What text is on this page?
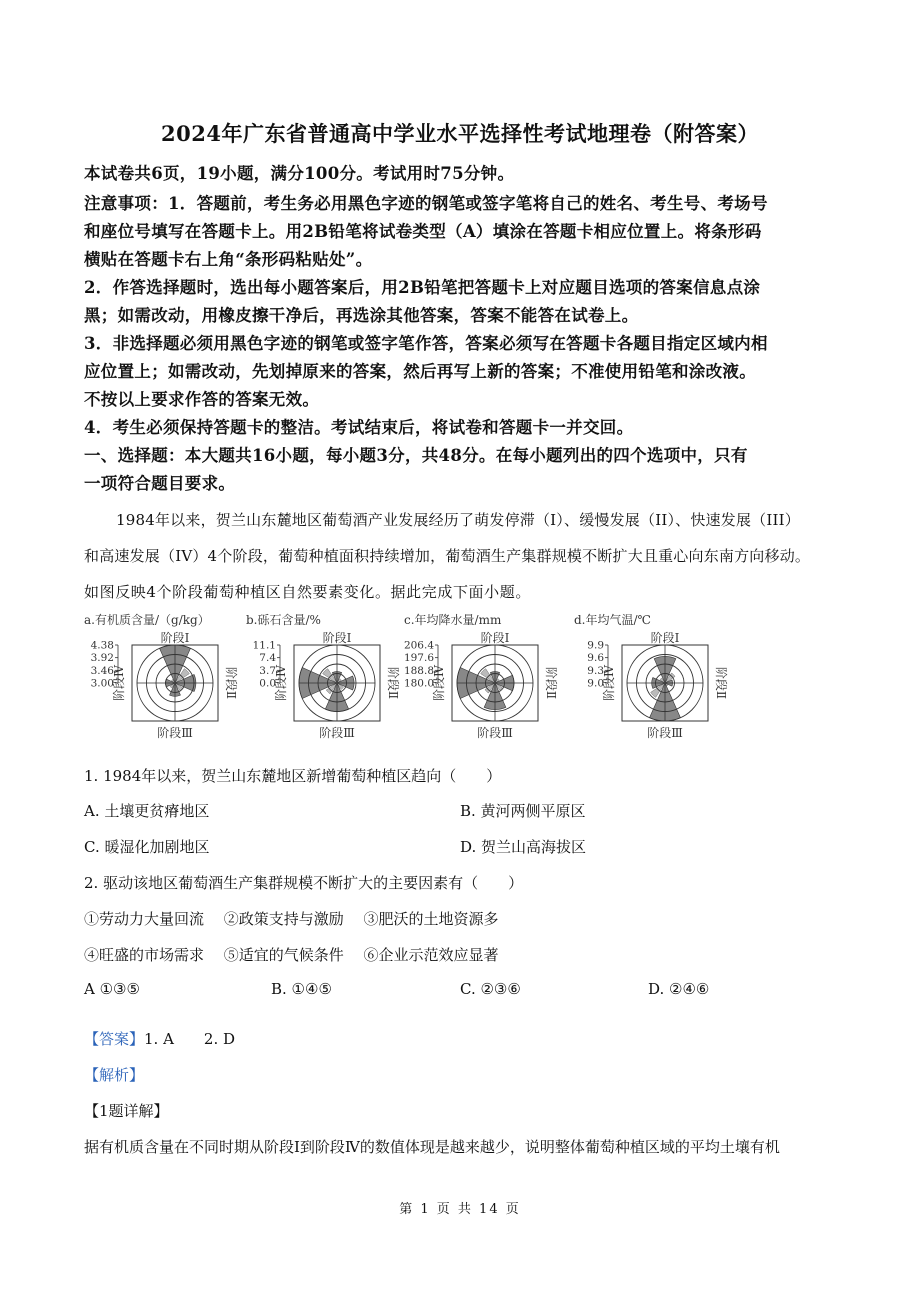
2024年广东省普通高中学业水平选择性考试地理卷（附答案）
本试卷共6页，19小题，满分100分。考试用时75分钟。
注意事项：1．答题前，考生务必用黑色字迹的钢笔或签字笔将自己的姓名、考生号、考场号
和座位号填写在答题卡上。用2B铅笔将试卷类型（A）填涂在答题卡相应位置上。将条形码
横贴在答题卡右上角“条形码粘贴处”。
2．作答选择题时，选出每小题答案后，用2B铅笔把答题卡上对应题目选项的答案信息点涂
黑；如需改动，用橡皮擦干净后，再选涂其他答案，答案不能答在试卷上。
3．非选择题必须用黑色字迹的钢笔或签字笔作答，答案必须写在答题卡各题目指定区域内相
应位置上；如需改动，先划掉原来的答案，然后再写上新的答案；不准使用铅笔和涂改液。
不按以上要求作答的答案无效。
4．考生必须保持答题卡的整洁。考试结束后，将试卷和答题卡一并交回。
一、选择题：本大题共16小题，每小题3分，共48分。在每小题列出的四个选项中，只有
一项符合题目要求。
1984年以来，贺兰山东麓地区葡萄酒产业发展经历了萌发停滞（I）、缓慢发展（II）、快速发展（III）
和高速发展（IV）4个阶段，葡萄种植面积持续增加，葡萄酒生产集群规模不断扩大且重心向东南方向移动。
如图反映4个阶段葡萄种植区自然要素变化。据此完成下面小题。
a.有机质含量/（g/kg）
阶段Ⅰ
阶段Ⅲ
阶段Ⅳ	阶段Ⅱ
4.38
3.92
3.46
3.00
b.砾石含量/%
阶段Ⅰ
阶段Ⅲ
阶段Ⅳ	阶段Ⅱ
11.1
7.4
3.7
0.0
c.年均降水量/mm
阶段Ⅰ
阶段Ⅲ
阶段Ⅳ	阶段Ⅱ
206.4
197.6
188.8
180.0
d.年均气温/℃
阶段Ⅰ
阶段Ⅲ
阶段Ⅳ	阶段Ⅱ
9.9
9.6
9.3
9.0
1. 1984年以来，贺兰山东麓地区新增葡萄种植区趋向（　　）
A. 土壤更贫瘠地区	B. 黄河两侧平原区
C. 暖湿化加剧地区	D. 贺兰山高海拔区
2. 驱动该地区葡萄酒生产集群规模不断扩大的主要因素有（　　）
①劳动力大量回流　 ②政策支持与激励　 ③肥沃的土地资源多
④旺盛的市场需求　 ⑤适宜的气候条件　 ⑥企业示范效应显著
A ①③⑤	B. ①④⑤	C. ②③⑥	D. ②④⑥
【答案】1. A　　2. D
【解析】
【1题详解】
据有机质含量在不同时期从阶段Ⅰ到阶段Ⅳ的数值体现是越来越少，说明整体葡萄种植区域的平均土壤有机
第 1 页 共 14 页
